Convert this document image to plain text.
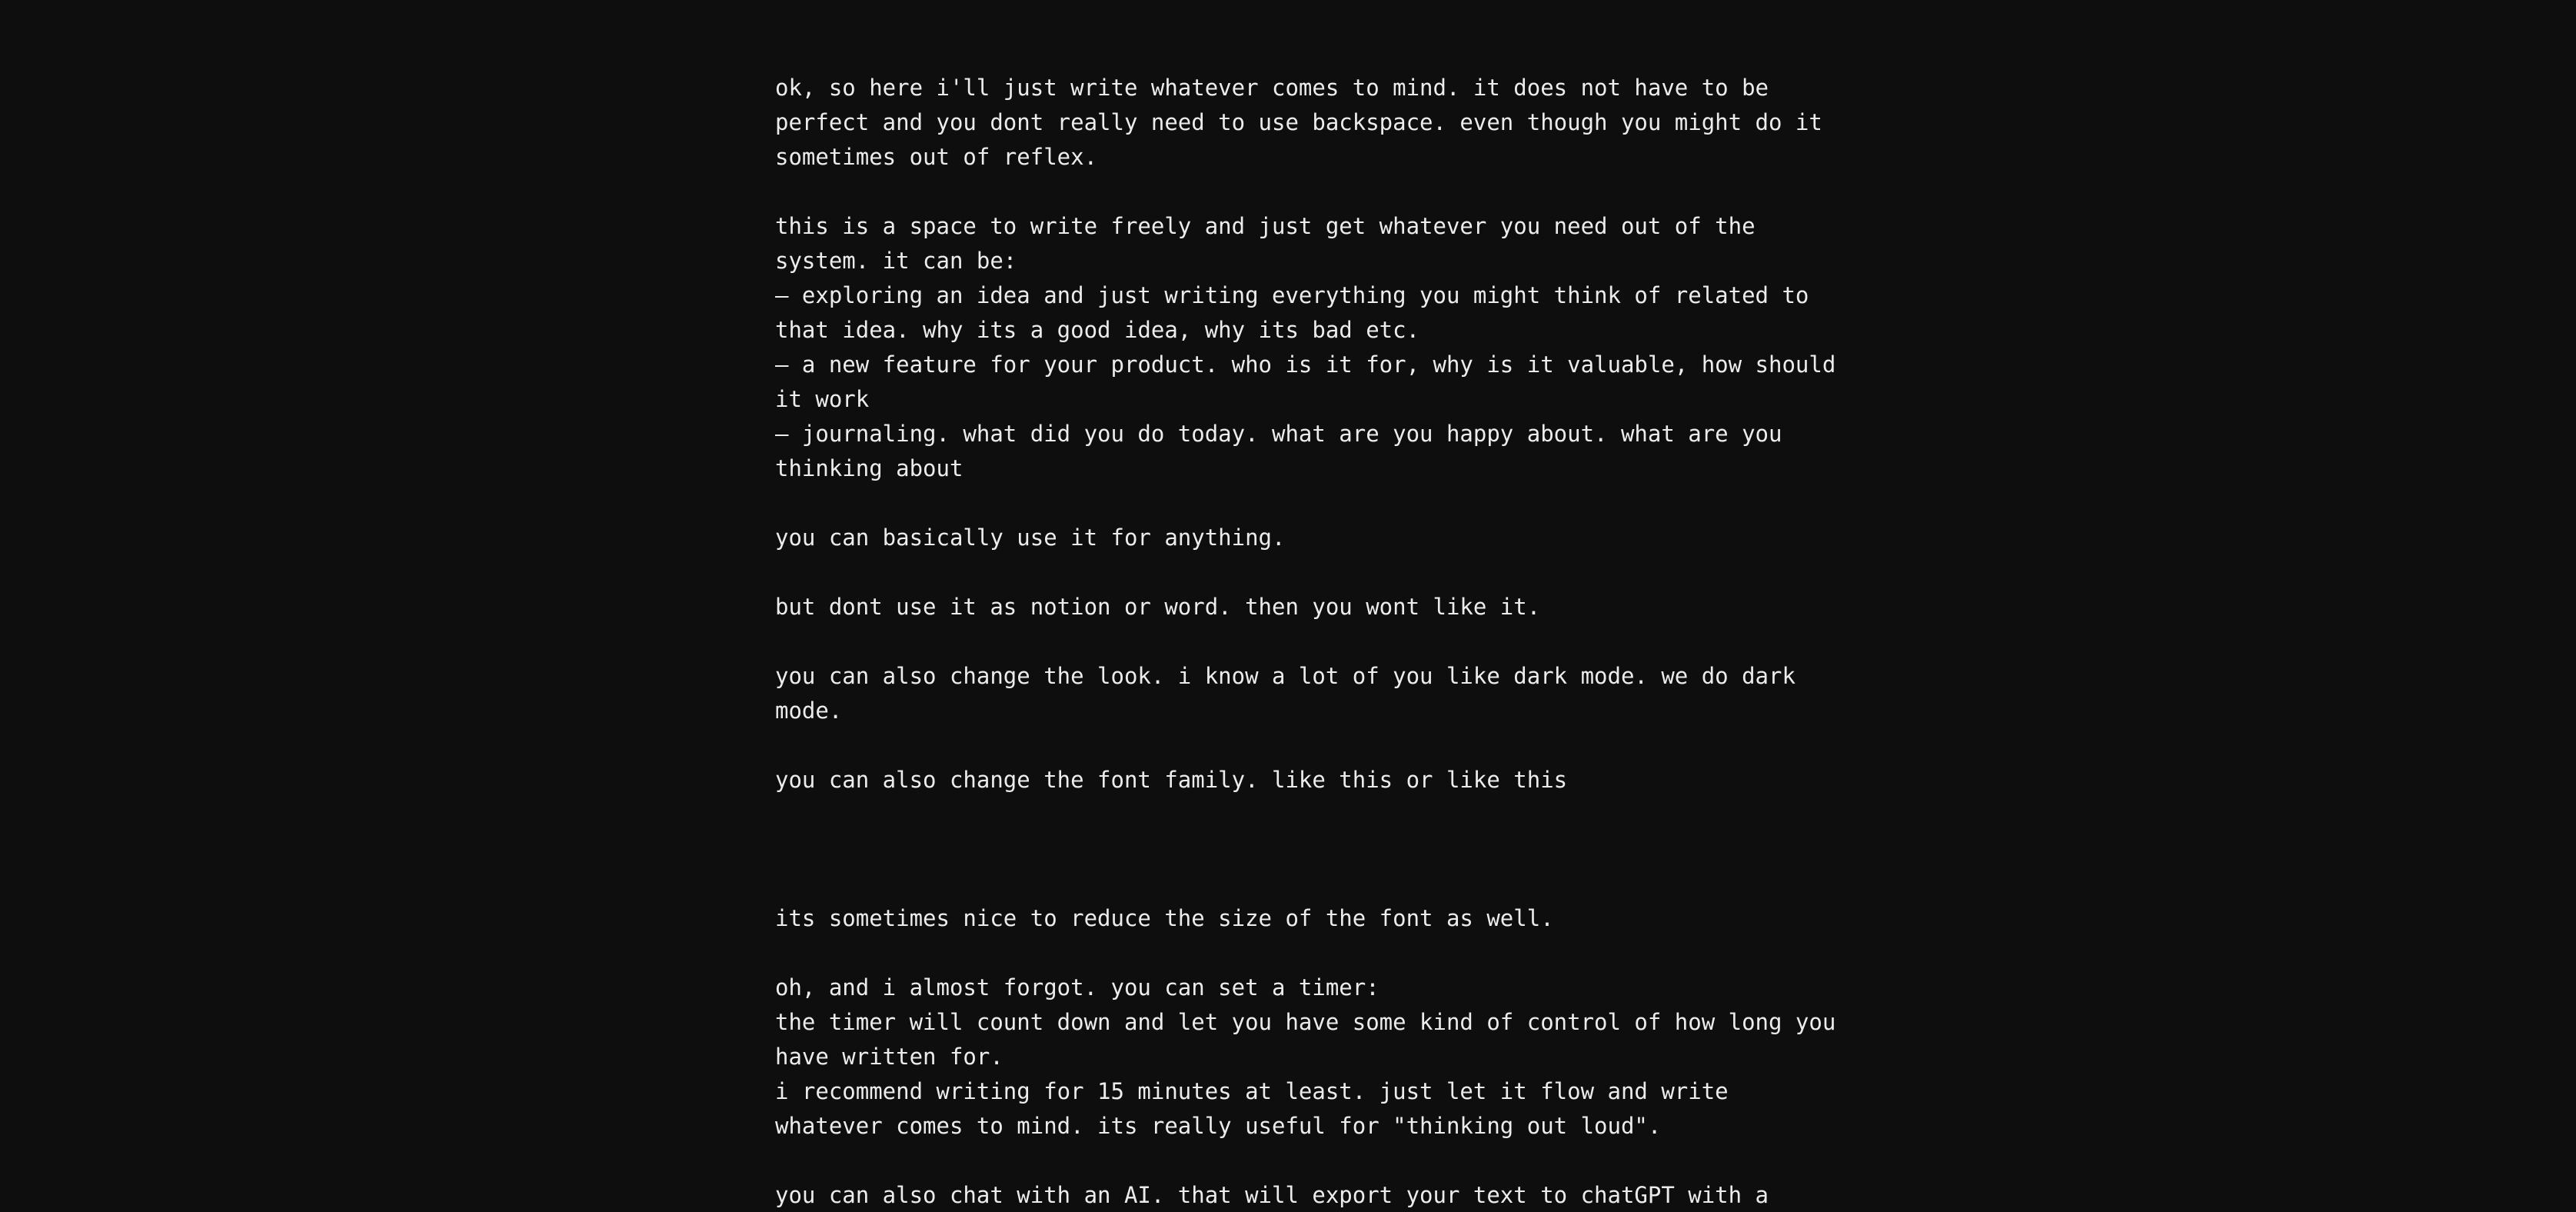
ok, so here i'll just write whatever comes to mind. it does not have to be
perfect and you dont really need to use backspace. even though you might do it
sometimes out of reflex.

this is a space to write freely and just get whatever you need out of the
system. it can be:
– exploring an idea and just writing everything you might think of related to
that idea. why its a good idea, why its bad etc.
– a new feature for your product. who is it for, why is it valuable, how should
it work
– journaling. what did you do today. what are you happy about. what are you
thinking about

you can basically use it for anything.

but dont use it as notion or word. then you wont like it.

you can also change the look. i know a lot of you like dark mode. we do dark
mode.

you can also change the font family. like this or like this

its sometimes nice to reduce the size of the font as well.

oh, and i almost forgot. you can set a timer:
the timer will count down and let you have some kind of control of how long you
have written for.
i recommend writing for 15 minutes at least. just let it flow and write
whatever comes to mind. its really useful for "thinking out loud".

you can also chat with an AI. that will export your text to chatGPT with a
